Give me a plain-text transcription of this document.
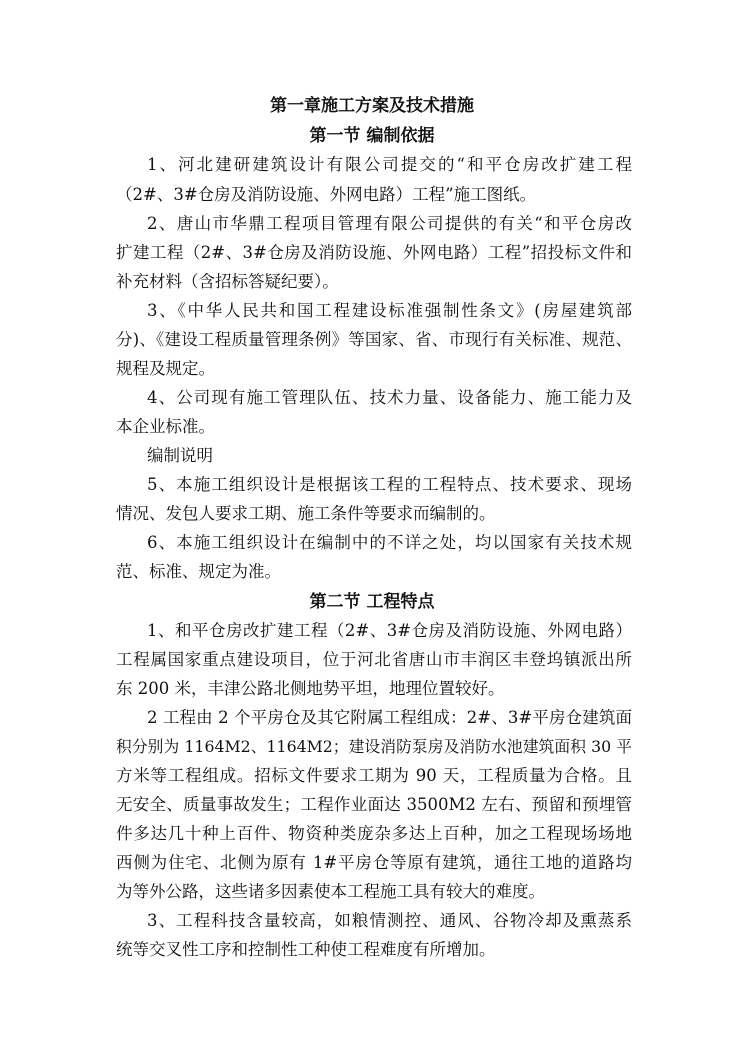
第一章施工方案及技术措施
第一节 编制依据
1、河北建研建筑设计有限公司提交的“和平仓房改扩建工程
（2#、3#仓房及消防设施、外网电路）工程”施工图纸。
2、唐山市华鼎工程项目管理有限公司提供的有关“和平仓房改
扩建工程（2#、3#仓房及消防设施、外网电路）工程”招投标文件和
补充材料（含招标答疑纪要）。
3、《中华人民共和国工程建设标准强制性条文》(房屋建筑部
分)、《建设工程质量管理条例》等国家、省、市现行有关标准、规范、
规程及规定。
4、公司现有施工管理队伍、技术力量、设备能力、施工能力及
本企业标准。
编制说明
5、本施工组织设计是根据该工程的工程特点、技术要求、现场
情况、发包人要求工期、施工条件等要求而编制的。
6、本施工组织设计在编制中的不详之处，均以国家有关技术规
范、标准、规定为准。
第二节 工程特点
1、和平仓房改扩建工程（2#、3#仓房及消防设施、外网电路）
工程属国家重点建设项目，位于河北省唐山市丰润区丰登坞镇派出所
东 200 米，丰津公路北侧地势平坦，地理位置较好。
2 工程由 2 个平房仓及其它附属工程组成：2#、3#平房仓建筑面
积分别为 1164M2、1164M2；建设消防泵房及消防水池建筑面积 30 平
方米等工程组成。招标文件要求工期为 90 天，工程质量为合格。且
无安全、质量事故发生；工程作业面达 3500M2 左右、预留和预埋管
件多达几十种上百件、物资种类庞杂多达上百种，加之工程现场场地
西侧为住宅、北侧为原有 1#平房仓等原有建筑，通往工地的道路均
为等外公路，这些诸多因素使本工程施工具有较大的难度。
3、工程科技含量较高，如粮情测控、通风、谷物冷却及熏蒸系
统等交叉性工序和控制性工种使工程难度有所增加。
